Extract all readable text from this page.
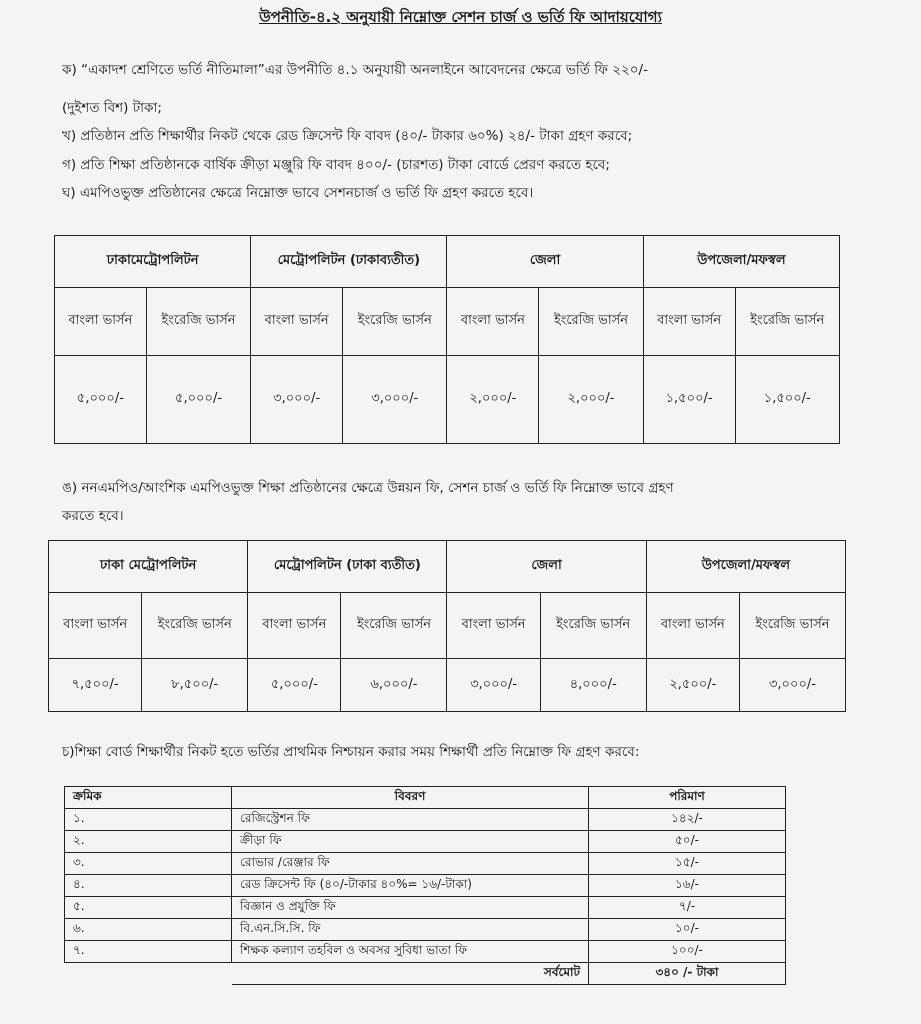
উপনীতি-৪.২ অনুযায়ী নিম্নোক্ত সেশন চার্জ ও ভর্তি ফি আদায়যোগ্য
ক) “একাদশ শ্রেণিতে ভর্তি নীতিমালা”এর উপনীতি ৪.১ অনুযায়ী অনলাইনে আবেদনের ক্ষেত্রে ভর্তি ফি ২২০/-
(দুইশত বিশ) টাকা;
খ) প্রতিষ্ঠান প্রতি শিক্ষার্থীর নিকট থেকে রেড ক্রিসেন্ট ফি বাবদ (৪০/- টাকার ৬০%) ২৪/- টাকা গ্রহণ করবে;
গ) প্রতি শিক্ষা প্রতিষ্ঠানকে বার্ষিক ক্রীড়া মঞ্জুরি ফি বাবদ ৪০০/- (চারশত) টাকা বোর্ডে প্রেরণ করতে হবে;
ঘ) এমপিওভুক্ত প্রতিষ্ঠানের ক্ষেত্রে নিম্নোক্ত ভাবে সেশনচার্জ ও ভর্তি ফি গ্রহণ করতে হবে।
ঢাকামেট্রোপলিটন		মেট্রোপলিটন (ঢাকাব্যতীত)		জেলা		উপজেলা/মফস্বল	
বাংলা ভার্সন	ইংরেজি ভার্সন	বাংলা ভার্সন	ইংরেজি ভার্সন	বাংলা ভার্সন	ইংরেজি ভার্সন	বাংলা ভার্সন	ইংরেজি ভার্সন
৫,০০০/-	৫,০০০/-	৩,০০০/-	৩,০০০/-	২,০০০/-	২,০০০/-	১,৫০০/-	১,৫০০/-
ঙ) ননএমপিও/আংশিক এমপিওভুক্ত শিক্ষা প্রতিষ্ঠানের ক্ষেত্রে উন্নয়ন ফি, সেশন চার্জ ও ভর্তি ফি নিম্নোক্ত ভাবে গ্রহণ
করতে হবে।
ঢাকা মেট্রোপলিটন		মেট্রোপলিটন (ঢাকা ব্যতীত)		জেলা		উপজেলা/মফস্বল	
বাংলা ভার্সন	ইংরেজি ভার্সন	বাংলা ভার্সন	ইংরেজি ভার্সন	বাংলা ভার্সন	ইংরেজি ভার্সন	বাংলা ভার্সন	ইংরেজি ভার্সন
৭,৫০০/-	৮,৫০০/-	৫,০০০/-	৬,০০০/-	৩,০০০/-	৪,০০০/-	২,৫০০/-	৩,০০০/-
চ)শিক্ষা বোর্ড শিক্ষার্থীর নিকট হতে ভর্তির প্রাথমিক নিশ্চায়ন করার সময় শিক্ষার্থী প্রতি নিম্নোক্ত ফি গ্রহণ করবে:
ক্রমিক	বিবরণ	পরিমাণ
১.	রেজিস্ট্রেশন ফি	১৪২/-
২.	ক্রীড়া ফি	৫০/-
৩.	রোভার /রেঞ্জার ফি	১৫/-
৪.	রেড ক্রিসেন্ট ফি (৪০/-টাকার ৪০%= ১৬/-টাকা)	১৬/-
৫.	বিজ্ঞান ও প্রযুক্তি ফি	৭/-
৬.	বি.এন.সি.সি. ফি	১০/-
৭.	শিক্ষক কল্যাণ তহবিল ও অবসর সুবিধা ভাতা ফি	১০০/-
	সর্বমোট	৩৪০ /- টাকা
